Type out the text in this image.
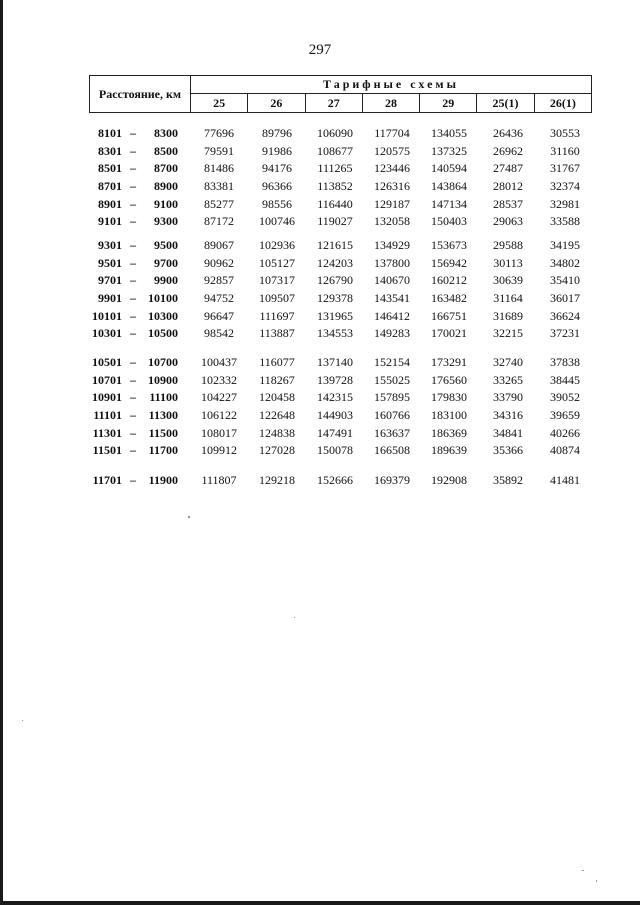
297
Расстояние, км
Тарифные схемы
25	26	27	28	29	25(1)	26(1)
8101 –	8300	77696	89796	106090	117704	134055	26436	30553
8301 –	8500	79591	91986	108677	120575	137325	26962	31160
8501 –	8700	81486	94176	111265	123446	140594	27487	31767
8701 –	8900	83381	96366	113852	126316	143864	28012	32374
8901 –	9100	85277	98556	116440	129187	147134	28537	32981
9101 –	9300	87172	100746	119027	132058	150403	29063	33588
9301 –	9500	89067	102936	121615	134929	153673	29588	34195
9501 –	9700	90962	105127	124203	137800	156942	30113	34802
9701 –	9900	92857	107317	126790	140670	160212	30639	35410
9901 –	10100	94752	109507	129378	143541	163482	31164	36017
10101 –	10300	96647	111697	131965	146412	166751	31689	36624
10301 –	10500	98542	113887	134553	149283	170021	32215	37231
10501 –	10700	100437	116077	137140	152154	173291	32740	37838
10701 –	10900	102332	118267	139728	155025	176560	33265	38445
10901 –	11100	104227	120458	142315	157895	179830	33790	39052
11101 –	11300	106122	122648	144903	160766	183100	34316	39659
11301 –	11500	108017	124838	147491	163637	186369	34841	40266
11501 –	11700	109912	127028	150078	166508	189639	35366	40874
11701 –	11900	111807	129218	152666	169379	192908	35892	41481
